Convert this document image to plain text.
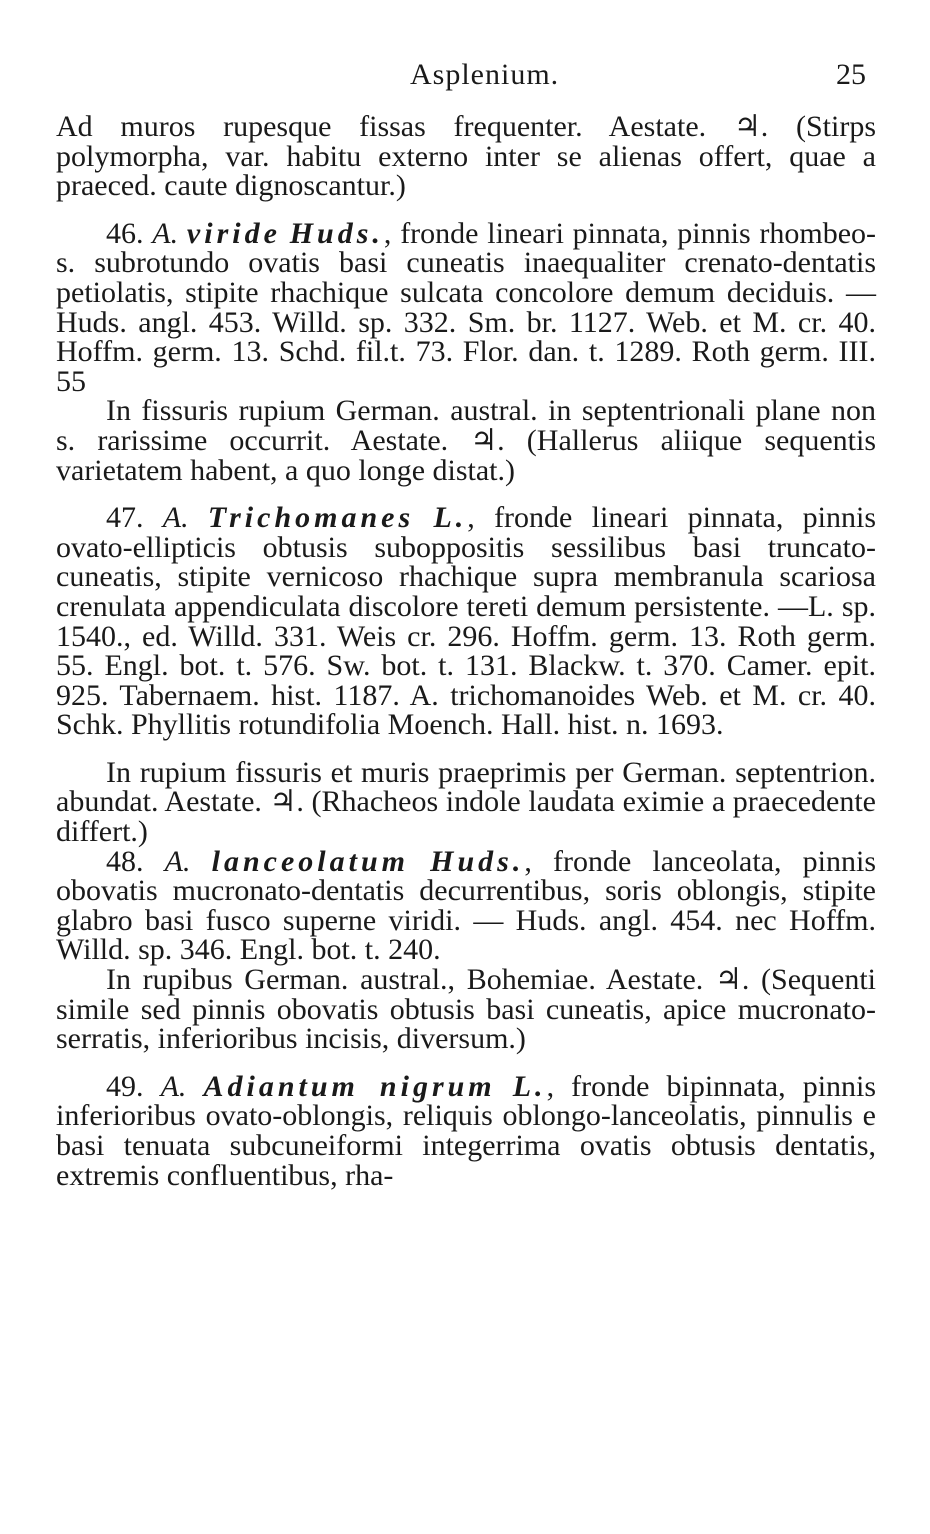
Asplenium.	25

Ad muros rupesque fissas frequenter. Aestate. ♃. (Stirps polymorpha, var. habitu externo inter se alienas offert, quae a praeced. caute dignoscantur.)

46. A. viride Huds., fronde lineari pinnata, pinnis rhombeo-s. subrotundo ovatis basi cuneatis inaequaliter crenato-dentatis petiolatis, stipite rhachique sulcata concolore demum deciduis. — Huds. angl. 453. Willd. sp. 332. Sm. br. 1127. Web. et M. cr. 40. Hoffm. germ. 13. Schd. fil.t. 73. Flor. dan. t. 1289. Roth germ. III. 55

In fissuris rupium German. austral. in septentrionali plane non s. rarissime occurrit. Aestate. ♃. (Hallerus aliique sequentis varietatem habent, a quo longe distat.)

47. A. Trichomanes L., fronde lineari pinnata, pinnis ovato-ellipticis obtusis suboppositis sessilibus basi truncato-cuneatis, stipite vernicoso rhachique supra membranula scariosa crenulata appendiculata discolore tereti demum persistente. —L. sp. 1540., ed. Willd. 331. Weis cr. 296. Hoffm. germ. 13. Roth germ. 55. Engl. bot. t. 576. Sw. bot. t. 131. Blackw. t. 370. Camer. epit. 925. Tabernaem. hist. 1187. A. trichomanoides Web. et M. cr. 40. Schk. Phyllitis rotundifolia Moench. Hall. hist. n. 1693.

In rupium fissuris et muris praeprimis per German. septentrion. abundat. Aestate. ♃. (Rhacheos indole laudata eximie a praecedente differt.)

48. A. lanceolatum Huds., fronde lanceolata, pinnis obovatis mucronato-dentatis decurrentibus, soris oblongis, stipite glabro basi fusco superne viridi. — Huds. angl. 454. nec Hoffm. Willd. sp. 346. Engl. bot. t. 240.

In rupibus German. austral., Bohemiae. Aestate. ♃. (Sequenti simile sed pinnis obovatis obtusis basi cuneatis, apice mucronato-serratis, inferioribus incisis, diversum.)

49. A. Adiantum nigrum L., fronde bipinnata, pinnis inferioribus ovato-oblongis, reliquis oblongo-lanceolatis, pinnulis e basi tenuata subcuneiformi integerrima ovatis obtusis dentatis, extremis confluentibus, rha-
